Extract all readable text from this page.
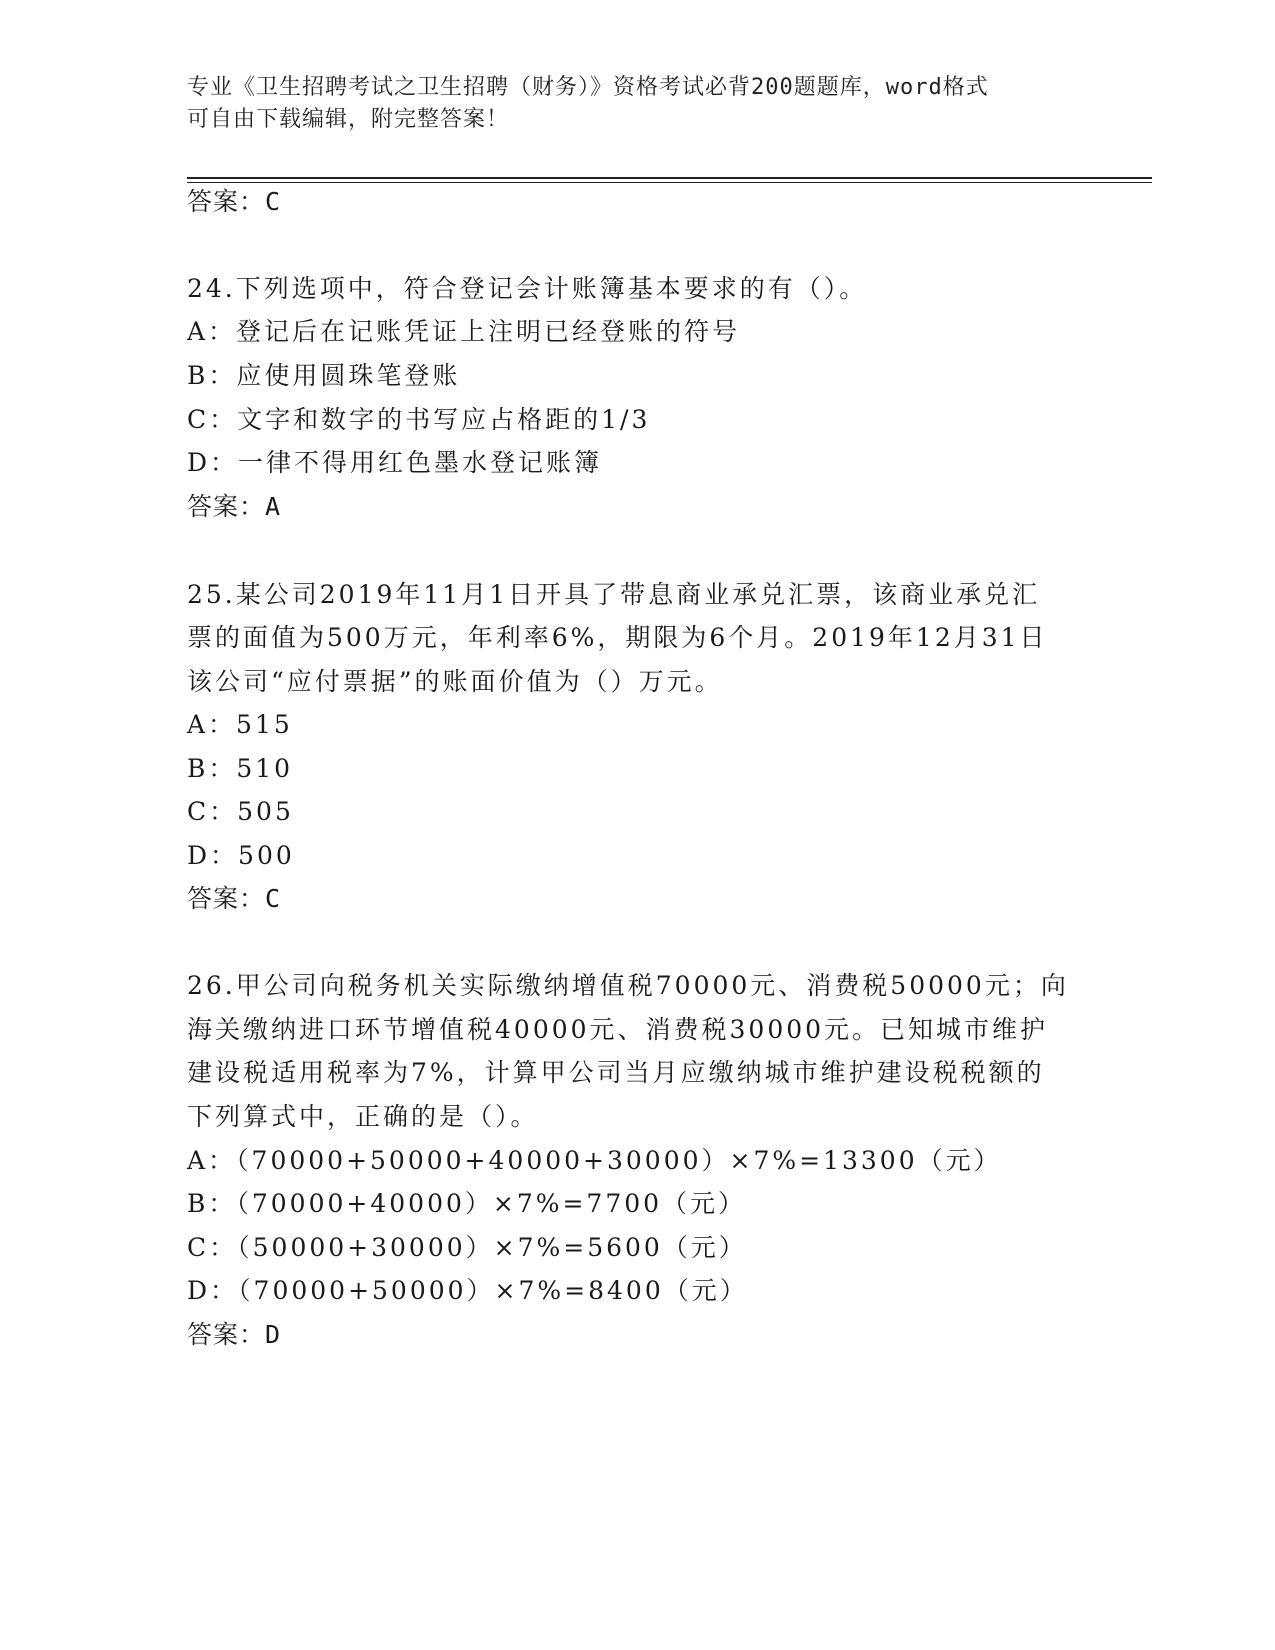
专业《卫生招聘考试之卫生招聘（财务）》资格考试必背200题题库，word格式
可自由下载编辑，附完整答案！
答案：C
24.下列选项中，符合登记会计账簿基本要求的有（）。
A：登记后在记账凭证上注明已经登账的符号
B：应使用圆珠笔登账
C：文字和数字的书写应占格距的1/3
D：一律不得用红色墨水登记账簿
答案：A
25.某公司2019年11月1日开具了带息商业承兑汇票，该商业承兑汇
票的面值为500万元，年利率6%，期限为6个月。2019年12月31日
该公司“应付票据”的账面价值为（）万元。
A：515
B：510
C：505
D：500
答案：C
26.甲公司向税务机关实际缴纳增值税70000元、消费税50000元；向
海关缴纳进口环节增值税40000元、消费税30000元。已知城市维护
建设税适用税率为7%，计算甲公司当月应缴纳城市维护建设税税额的
下列算式中，正确的是（）。
A：（70000+50000+40000+30000）×7%=13300（元）
B：（70000+40000）×7%=7700（元）
C：（50000+30000）×7%=5600（元）
D：（70000+50000）×7%=8400（元）
答案：D
